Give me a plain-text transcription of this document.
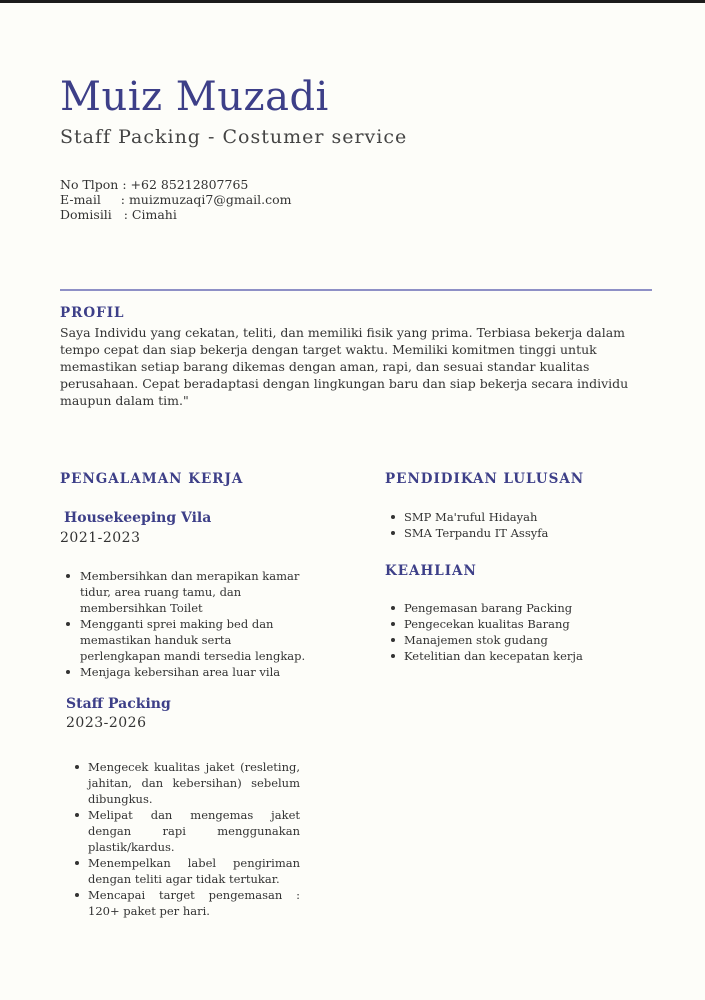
Muiz Muzadi
Staff Packing - Costumer service
No Tlpon : +62 85212807765
E-mail : muizmuzaqi7@gmail.com
Domisili : Cimahi
PROFIL

Saya Individu yang cekatan, teliti, dan memiliki fisik yang prima. Terbiasa bekerja dalam tempo cepat dan siap bekerja dengan target waktu. Memiliki komitmen tinggi untuk memastikan setiap barang dikemas dengan aman, rapi, dan sesuai standar kualitas perusahaan. Cepat beradaptasi dengan lingkungan baru dan siap bekerja secara individu maupun dalam tim."

PENGALAMAN KERJA
Housekeeping Vila

2021-2023

Membersihkan dan merapikan kamar tidur, area ruang tamu, dan membersihkan Toilet
Mengganti sprei making bed dan memastikan handuk serta perlengkapan mandi tersedia lengkap.
Menjaga kebersihan area luar vila
Staff Packing

2023-2026

Mengecek kualitas jaket (resleting, jahitan, dan kebersihan) sebelum dibungkus.
Melipat dan mengemas jaket dengan rapi menggunakan plastik/kardus.
Menempelkan label pengiriman dengan teliti agar tidak tertukar.
Mencapai target pengemasan : 120+ paket per hari.
PENDIDIKAN LULUSAN
SMP Ma'ruful Hidayah
SMA Terpandu IT Assyfa
KEAHLIAN
Pengemasan barang Packing
Pengecekan kualitas Barang
Manajemen stok gudang
Ketelitian dan kecepatan kerja
